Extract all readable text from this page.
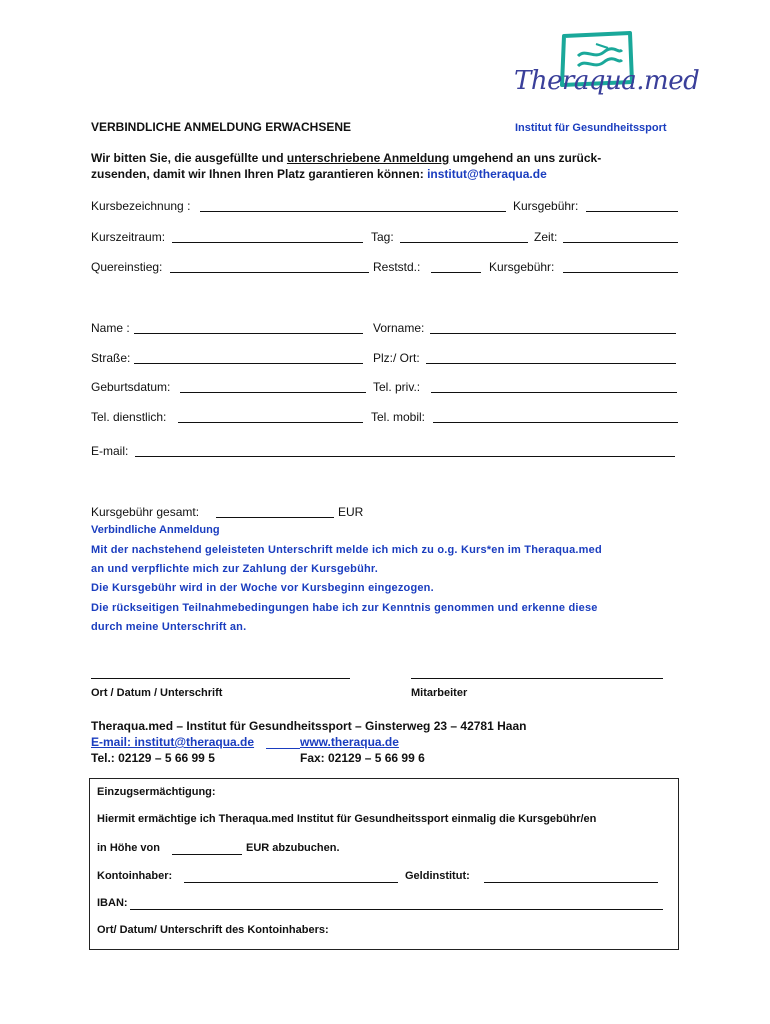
Theraqua.med
VERBINDLICHE ANMELDUNG ERWACHSENE	Institut für Gesundheitssport
Wir bitten Sie, die ausgefüllte und unterschriebene Anmeldung umgehend an uns zurück-
zusenden, damit wir Ihnen Ihren Platz garantieren können: institut@theraqua.de
Kursbezeichnung :	Kursgebühr:
Kurszeitraum:	Tag:	Zeit:
Quereinstieg:	Reststd.:	Kursgebühr:
Name :	Vorname:
Straße:	Plz:/ Ort:
Geburtsdatum:	Tel. priv.:
Tel. dienstlich:	Tel. mobil:
E-mail:
Kursgebühr gesamt:	EUR
Verbindliche Anmeldung
Mit der nachstehend geleisteten Unterschrift melde ich mich zu o.g. Kurs*en im Theraqua.med
an und verpflichte mich zur Zahlung der Kursgebühr.
Die Kursgebühr wird in der Woche vor Kursbeginn eingezogen.
Die rückseitigen Teilnahmebedingungen habe ich zur Kenntnis genommen und erkenne diese
durch meine Unterschrift an.
Ort / Datum / Unterschrift	Mitarbeiter
Theraqua.med – Institut für Gesundheitssport – Ginsterweg 23 – 42781 Haan
E-mail: institut@theraqua.de	www.theraqua.de
Tel.: 02129 – 5 66 99 5	Fax: 02129 – 5 66 99 6
Einzugsermächtigung:
Hiermit ermächtige ich Theraqua.med Institut für Gesundheitssport einmalig die Kursgebühr/en
in Höhe von	EUR abzubuchen.
Kontoinhaber:	Geldinstitut:
IBAN:
Ort/ Datum/ Unterschrift des Kontoinhabers:
